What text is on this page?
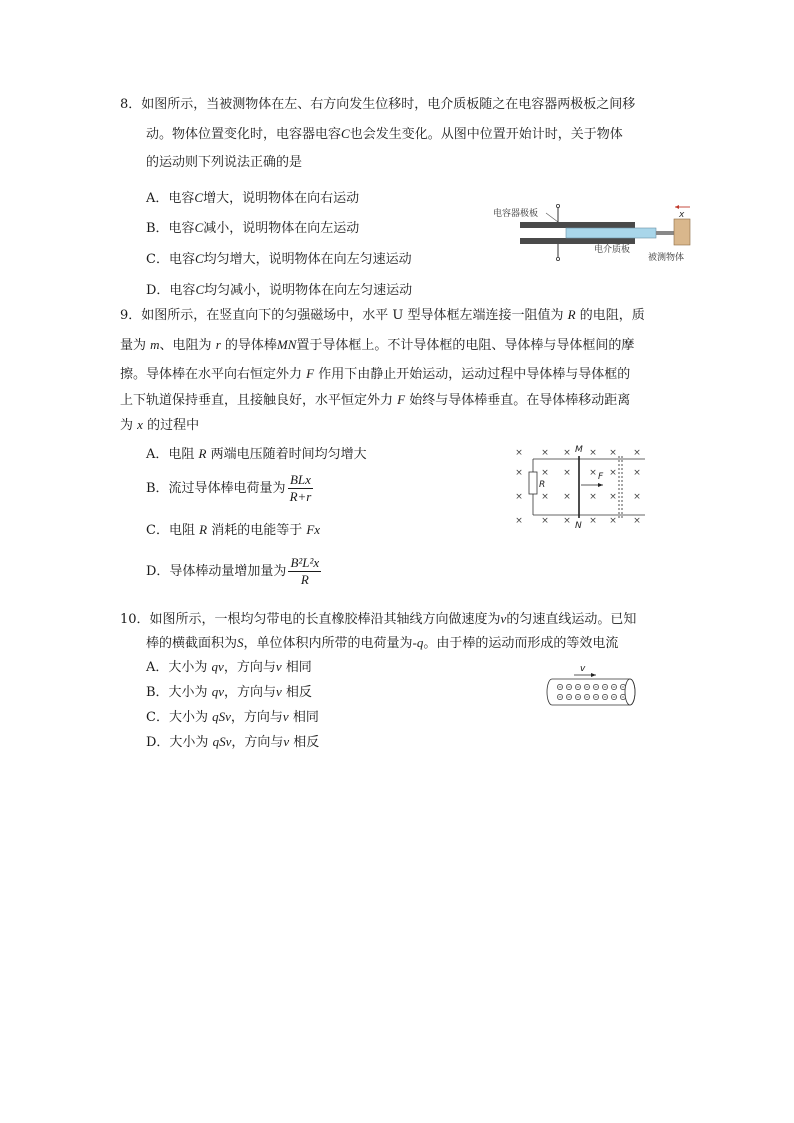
8．如图所示，当被测物体在左、右方向发生位移时，电介质板随之在电容器两极板之间移
动。物体位置变化时，电容器电容C也会发生变化。从图中位置开始计时，关于物体
的运动则下列说法正确的是
A．电容C增大，说明物体在向右运动
B．电容C减小，说明物体在向左运动
C．电容C均匀增大，说明物体在向左匀速运动
D．电容C均匀减小，说明物体在向左匀速运动
电容器极板
电介质板
被测物体
x
9．如图所示，在竖直向下的匀强磁场中，水平 U 型导体框左端连接一阻值为 R 的电阻，质
量为 m、电阻为 r 的导体棒MN置于导体框上。不计导体框的电阻、导体棒与导体框间的摩
擦。导体棒在水平向右恒定外力 F 作用下由静止开始运动，运动过程中导体棒与导体框的
上下轨道保持垂直，且接触良好，水平恒定外力 F 始终与导体棒垂直。在导体棒移动距离
为 x 的过程中
A．电阻 R 两端电压随着时间均匀增大
B．流过导体棒电荷量为 $\frac{\text{BLx}}{R+r}$
C．电阻 R 消耗的电能等于 Fx
D．导体棒动量增加量为 $\frac{\text{B²L²x}}{R}$
×
×
×
×
×
×
×
×
×
×
×
×
×
×
×
×
×
×
×
×
×
×
×
×
R
M
N
F
10．如图所示，一根均匀带电的长直橡胶棒沿其轴线方向做速度为v的匀速直线运动。已知
棒的横截面积为S，单位体积内所带的电荷量为-q。由于棒的运动而形成的等效电流
A．大小为 qv，方向与v 相同
B．大小为 qv，方向与v 相反
C．大小为 qSv，方向与v 相同
D．大小为 qSv，方向与v 相反
v
